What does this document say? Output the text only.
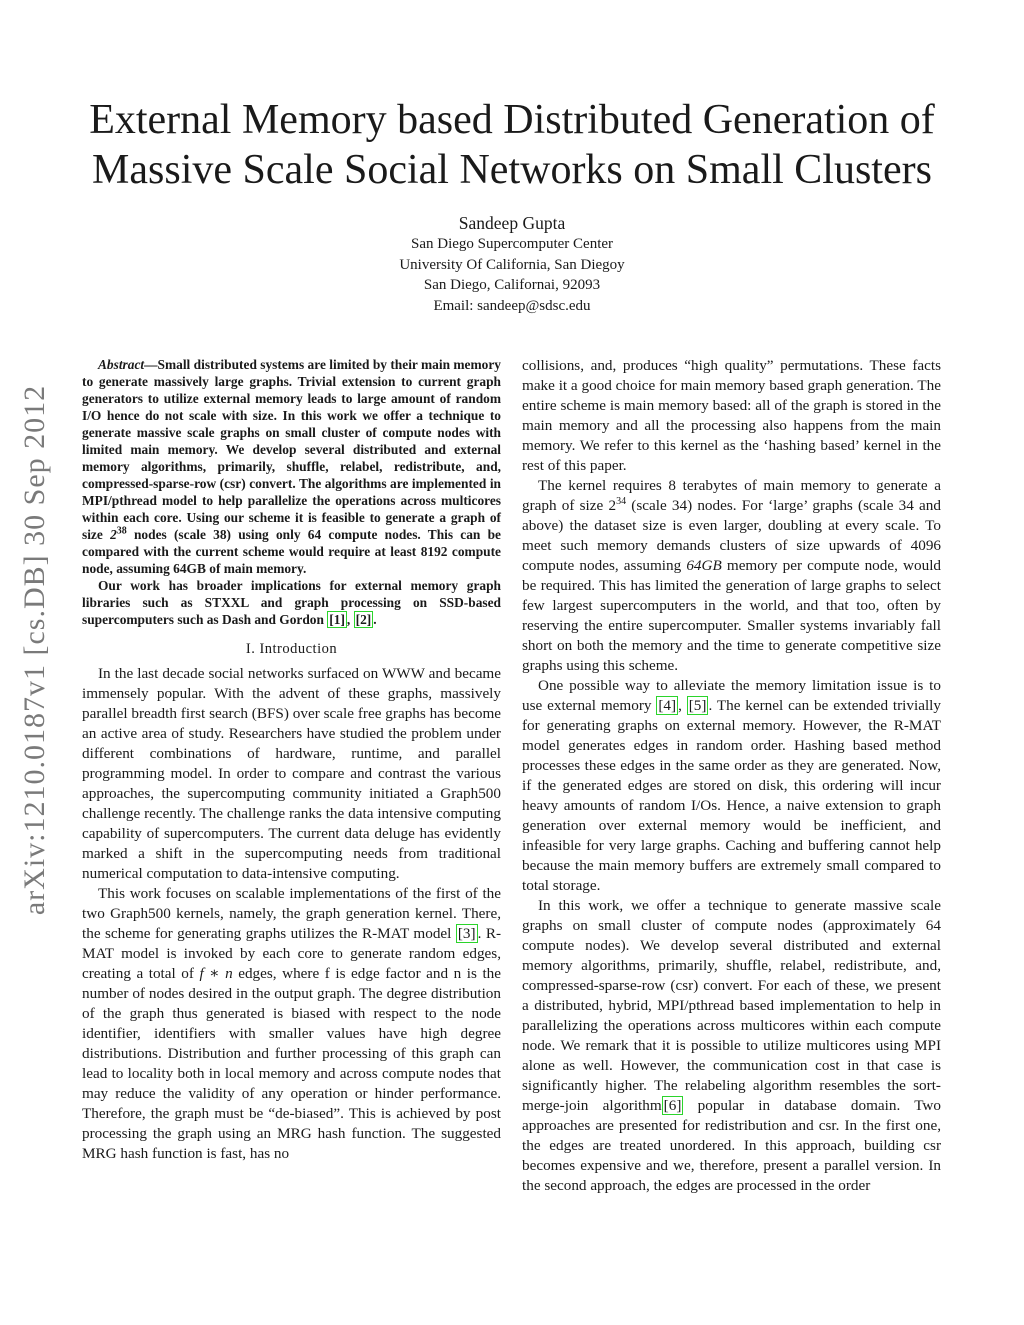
External Memory based Distributed Generation of
Massive Scale Social Networks on Small Clusters
Sandeep Gupta
San Diego Supercomputer Center
University Of California, San Diegoy
San Diego, Californai, 92093
Email: sandeep@sdsc.edu
arXiv:1210.0187v1 [cs.DB] 30 Sep 2012

Abstract—Small distributed systems are limited by their main memory to generate massively large graphs. Trivial extension to current graph generators to utilize external memory leads to large amount of random I/O hence do not scale with size. In this work we offer a technique to generate massive scale graphs on small cluster of compute nodes with limited main memory. We develop several distributed and external memory algorithms, primarily, shuffle, relabel, redistribute, and, compressed-sparse-row (csr) convert. The algorithms are implemented in MPI/pthread model to help parallelize the operations across multicores within each core. Using our scheme it is feasible to generate a graph of size $2^{38}$ nodes (scale 38) using only 64 compute nodes. This can be compared with the current scheme would require at least 8192 compute node, assuming 64GB of main memory.

Our work has broader implications for external memory graph libraries such as STXXL and graph processing on SSD-based supercomputers such as Dash and Gordon [1] , [2] .

I. Introduction

In the last decade social networks surfaced on WWW and became immensely popular. With the advent of these graphs, massively parallel breadth first search (BFS) over scale free graphs has become an active area of study. Researchers have studied the problem under different combinations of hardware, runtime, and parallel programming model. In order to compare and contrast the various approaches, the supercomputing community initiated a Graph500 challenge recently. The challenge ranks the data intensive computing capability of supercomputers. The current data deluge has evidently marked a shift in the supercomputing needs from traditional numerical computation to data-intensive computing.

This work focuses on scalable implementations of the first of the two Graph500 kernels, namely, the graph generation kernel. There, the scheme for generating graphs utilizes the R-MAT model [3] . R-MAT model is invoked by each core to generate random edges, creating a total of f ∗ n edges, where f is edge factor and n is the number of nodes desired in the output graph. The degree distribution of the graph thus generated is biased with respect to the node identifier, identifiers with smaller values have high degree distributions. Distribution and further processing of this graph can lead to locality both in local memory and across compute nodes that may reduce the validity of any operation or hinder performance. Therefore, the graph must be “de-biased”. This is achieved by post processing the graph using an MRG hash function. The suggested MRG hash function is fast, has no

collisions, and, produces “high quality” permutations. These facts make it a good choice for main memory based graph generation. The entire scheme is main memory based: all of the graph is stored in the main memory and all the processing also happens from the main memory. We refer to this kernel as the ‘hashing based’ kernel in the rest of this paper.

The kernel requires 8 terabytes of main memory to generate a graph of size $2^{34}$ (scale 34) nodes. For ‘large’ graphs (scale 34 and above) the dataset size is even larger, doubling at every scale. To meet such memory demands clusters of size upwards of 4096 compute nodes, assuming 64GB memory per compute node, would be required. This has limited the generation of large graphs to select few largest supercomputers in the world, and that too, often by reserving the entire supercomputer. Smaller systems invariably fall short on both the memory and the time to generate competitive size graphs using this scheme.

One possible way to alleviate the memory limitation issue is to use external memory [4] , [5] . The kernel can be extended trivially for generating graphs on external memory. However, the R-MAT model generates edges in random order. Hashing based method processes these edges in the same order as they are generated. Now, if the generated edges are stored on disk, this ordering will incur heavy amounts of random I/Os. Hence, a naive extension to graph generation over external memory would be inefficient, and infeasible for very large graphs. Caching and buffering cannot help because the main memory buffers are extremely small compared to total storage.

In this work, we offer a technique to generate massive scale graphs on small cluster of compute nodes (approximately 64 compute nodes). We develop several distributed and external memory algorithms, primarily, shuffle, relabel, redistribute, and, compressed-sparse-row (csr) convert. For each of these, we present a distributed, hybrid, MPI/pthread based implementation to help in parallelizing the operations across multicores within each compute node. We remark that it is possible to utilize multicores using MPI alone as well. However, the communication cost in that case is significantly higher. The relabeling algorithm resembles the sort-merge-join algorithm [6] popular in database domain. Two approaches are presented for redistribution and csr. In the first one, the edges are treated unordered. In this approach, building csr becomes expensive and we, therefore, present a parallel version. In the second approach, the edges are processed in the order
